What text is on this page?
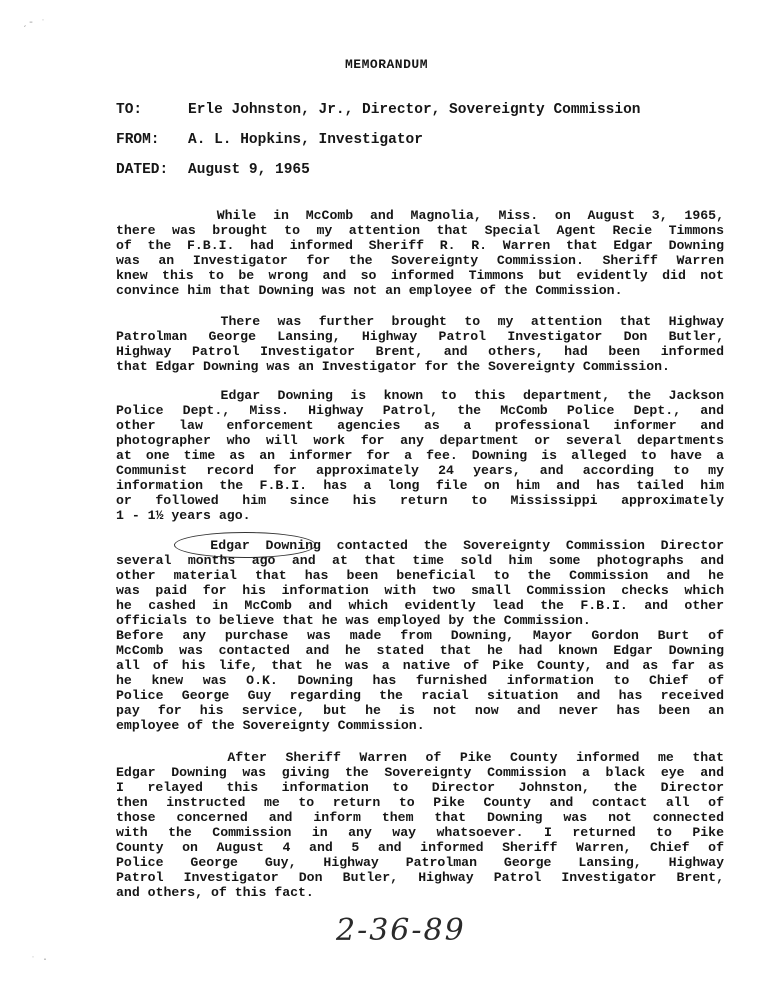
ˏ‐ ˑ
MEMORANDUM
TO:	Erle Johnston, Jr., Director, Sovereignty Commission
FROM: A. L. Hopkins, Investigator
DATED: August 9, 1965
While in McComb and Magnolia, Miss. on August 3, 1965,
there was brought to my attention that Special Agent Recie Timmons
of the F.B.I. had informed Sheriff R. R. Warren that Edgar Downing
was an Investigator for the Sovereignty Commission. Sheriff Warren
knew this to be wrong and so informed Timmons but evidently did not
convince him that Downing was not an employee of the Commission.
There was further brought to my attention that Highway
Patrolman George Lansing, Highway Patrol Investigator Don Butler,
Highway Patrol Investigator Brent, and others, had been informed
that Edgar Downing was an Investigator for the Sovereignty Commission.
Edgar Downing is known to this department, the Jackson
Police Dept., Miss. Highway Patrol, the McComb Police Dept., and
other law enforcement agencies as a professional informer and
photographer who will work for any department or several departments
at one time as an informer for a fee. Downing is alleged to have a
Communist record for approximately 24 years, and according to my
information the F.B.I. has a long file on him and has tailed him
or followed him since his return to Mississippi approximately
1 - 1½ years ago.
Edgar Downing contacted the Sovereignty Commission Director
several months ago and at that time sold him some photographs and
other material that has been beneficial to the Commission and he
was paid for his information with two small Commission checks which
he cashed in McComb and which evidently lead the F.B.I. and other
officials to believe that he was employed by the Commission.
Before any purchase was made from Downing, Mayor Gordon Burt of
McComb was contacted and he stated that he had known Edgar Downing
all of his life, that he was a native of Pike County, and as far as
he knew was O.K. Downing has furnished information to Chief of
Police George Guy regarding the racial situation and has received
pay for his service, but he is not now and never has been an
employee of the Sovereignty Commission.
After Sheriff Warren of Pike County informed me that
Edgar Downing was giving the Sovereignty Commission a black eye and
I relayed this information to Director Johnston, the Director
then instructed me to return to Pike County and contact all of
those concerned and inform them that Downing was not connected
with the Commission in any way whatsoever. I returned to Pike
County on August 4 and 5 and informed Sheriff Warren, Chief of
Police George Guy, Highway Patrolman George Lansing, Highway
Patrol Investigator Don Butler, Highway Patrol Investigator Brent,
and others, of this fact.
2-36-89
ˑ ·
